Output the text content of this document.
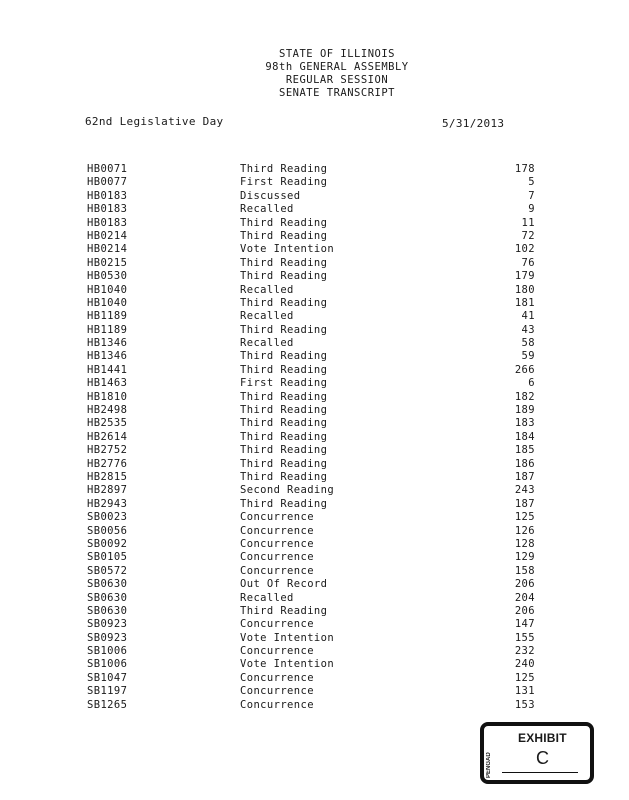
STATE OF ILLINOIS
98th GENERAL ASSEMBLY
REGULAR SESSION
SENATE TRANSCRIPT
62nd Legislative Day	5/31/2013
HB0071	Third Reading	178
HB0077	First Reading	5
HB0183	Discussed	7
HB0183	Recalled	9
HB0183	Third Reading	11
HB0214	Third Reading	72
HB0214	Vote Intention	102
HB0215	Third Reading	76
HB0530	Third Reading	179
HB1040	Recalled	180
HB1040	Third Reading	181
HB1189	Recalled	41
HB1189	Third Reading	43
HB1346	Recalled	58
HB1346	Third Reading	59
HB1441	Third Reading	266
HB1463	First Reading	6
HB1810	Third Reading	182
HB2498	Third Reading	189
HB2535	Third Reading	183
HB2614	Third Reading	184
HB2752	Third Reading	185
HB2776	Third Reading	186
HB2815	Third Reading	187
HB2897	Second Reading	243
HB2943	Third Reading	187
SB0023	Concurrence	125
SB0056	Concurrence	126
SB0092	Concurrence	128
SB0105	Concurrence	129
SB0572	Concurrence	158
SB0630	Out Of Record	206
SB0630	Recalled	204
SB0630	Third Reading	206
SB0923	Concurrence	147
SB0923	Vote Intention	155
SB1006	Concurrence	232
SB1006	Vote Intention	240
SB1047	Concurrence	125
SB1197	Concurrence	131
SB1265	Concurrence	153
EXHIBIT
PENGAD C
